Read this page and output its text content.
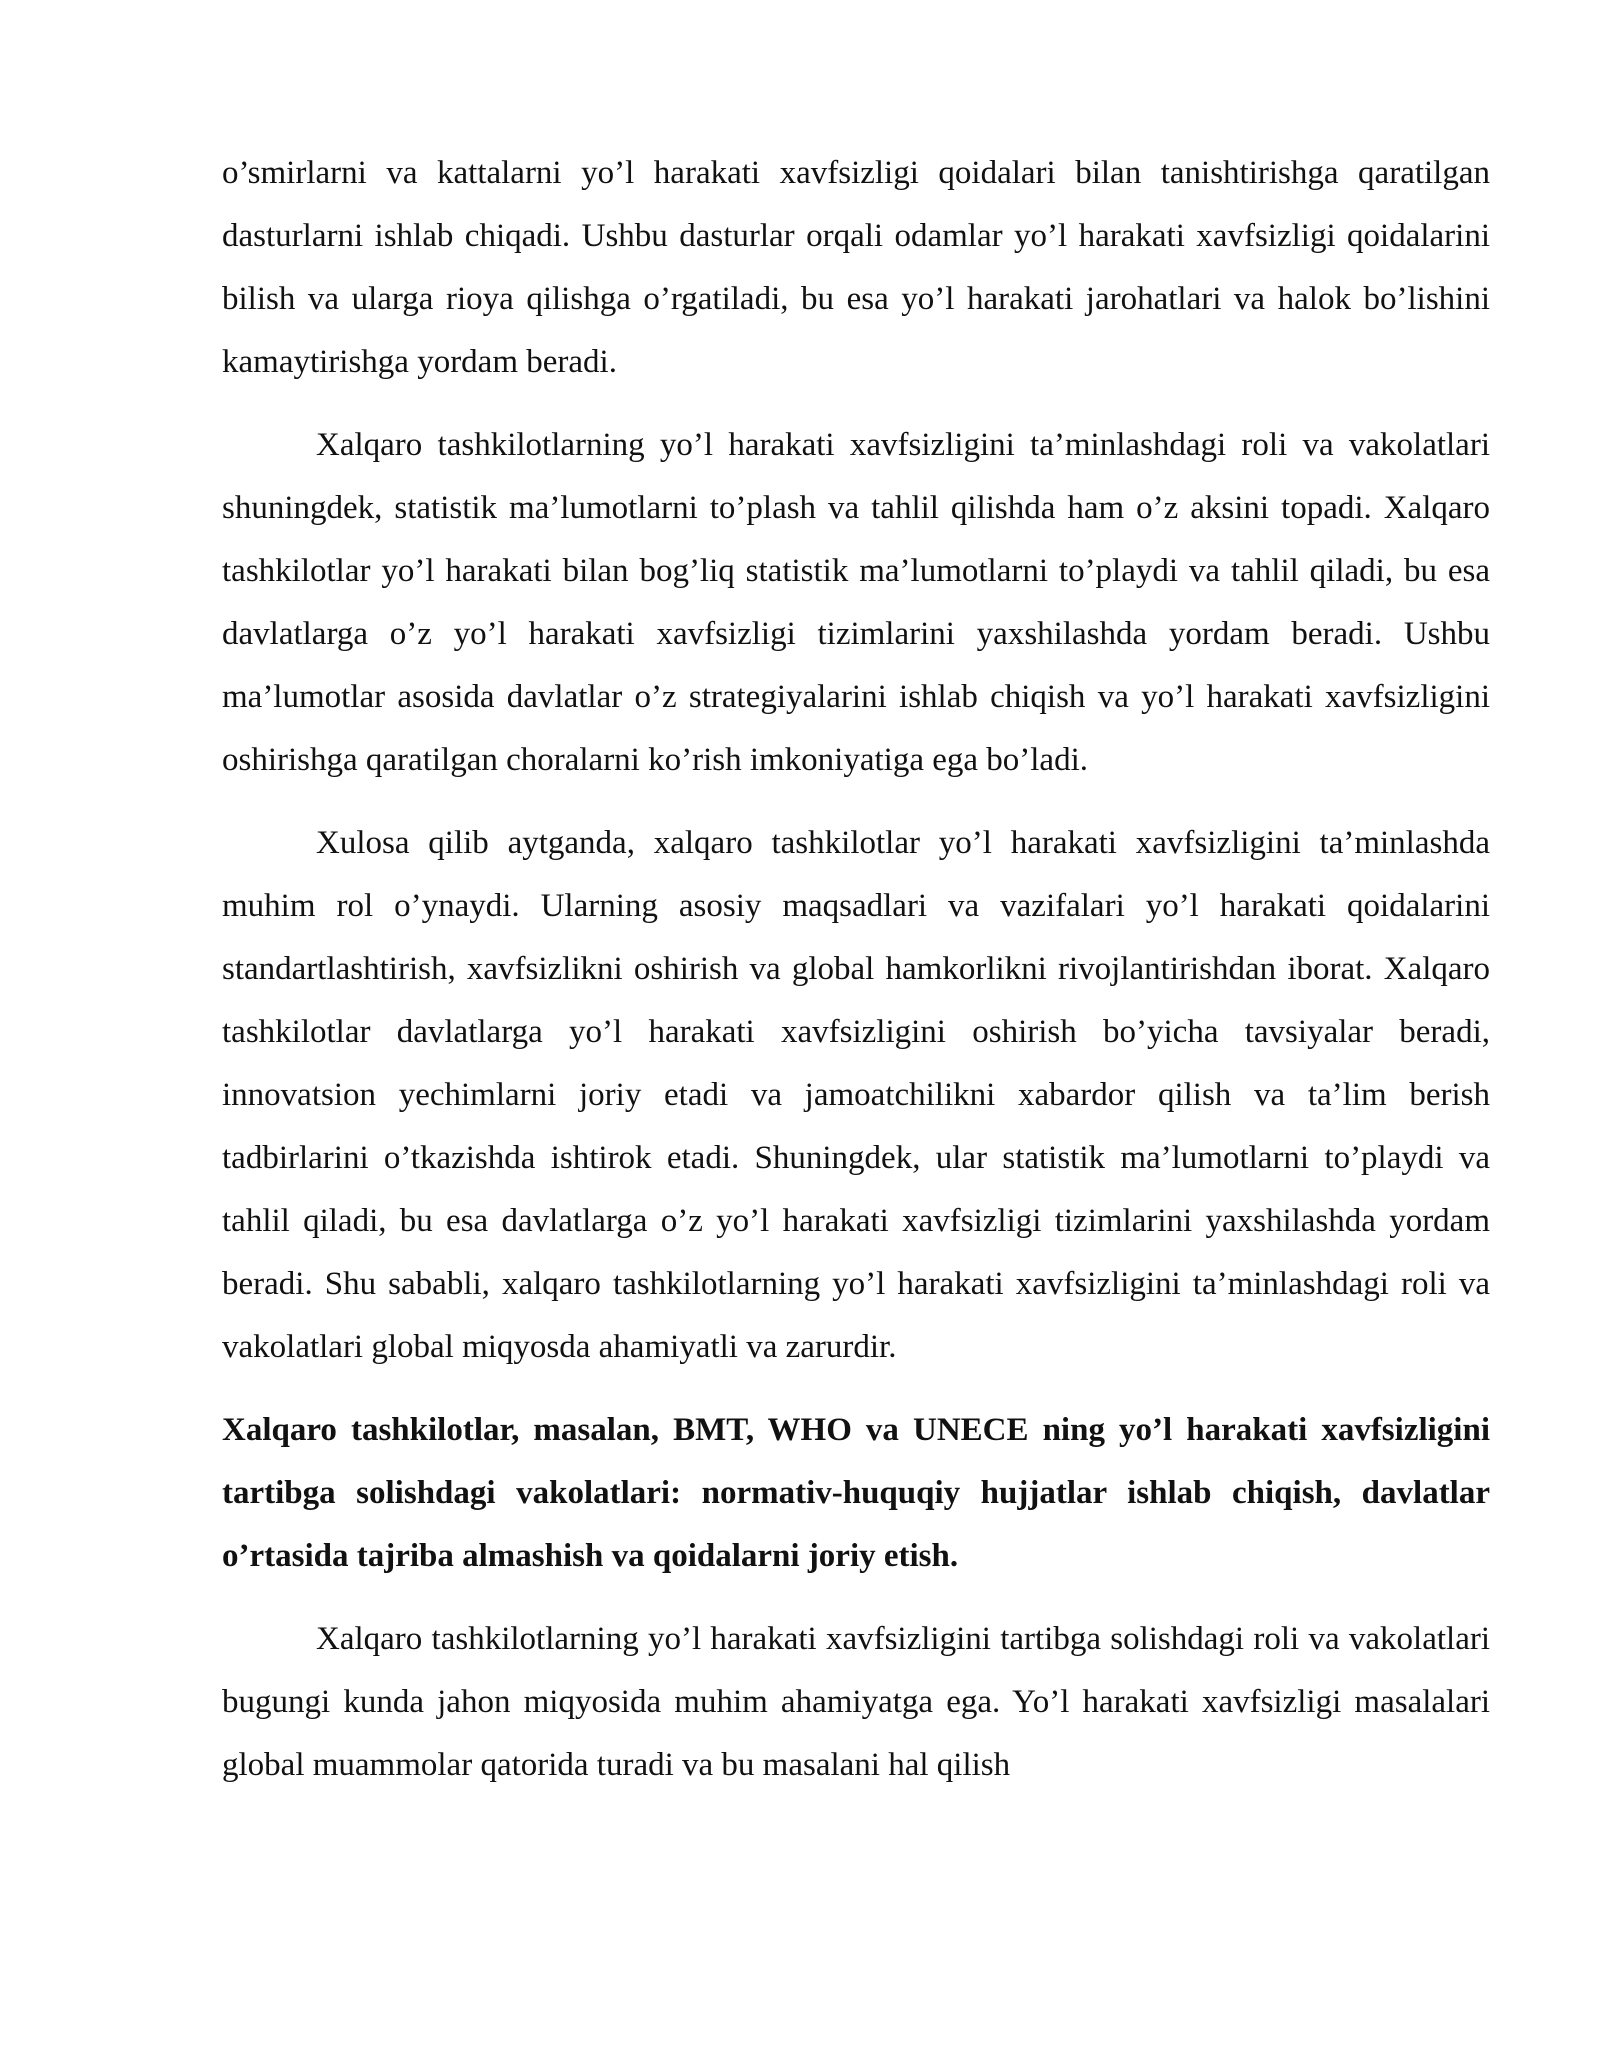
o’smirlarni va kattalarni yo’l harakati xavfsizligi qoidalari bilan tanishtirishga qaratilgan dasturlarni ishlab chiqadi. Ushbu dasturlar orqali odamlar yo’l harakati xavfsizligi qoidalarini bilish va ularga rioya qilishga o’rgatiladi, bu esa yo’l harakati jarohatlari va halok bo’lishini kamaytirishga yordam beradi.

Xalqaro tashkilotlarning yo’l harakati xavfsizligini ta’minlashdagi roli va vakolatlari shuningdek, statistik ma’lumotlarni to’plash va tahlil qilishda ham o’z aksini topadi. Xalqaro tashkilotlar yo’l harakati bilan bog’liq statistik ma’lumotlarni to’playdi va tahlil qiladi, bu esa davlatlarga o’z yo’l harakati xavfsizligi tizimlarini yaxshilashda yordam beradi. Ushbu ma’lumotlar asosida davlatlar o’z strategiyalarini ishlab chiqish va yo’l harakati xavfsizligini oshirishga qaratilgan choralarni ko’rish imkoniyatiga ega bo’ladi.

Xulosa qilib aytganda, xalqaro tashkilotlar yo’l harakati xavfsizligini ta’minlashda muhim rol o’ynaydi. Ularning asosiy maqsadlari va vazifalari yo’l harakati qoidalarini standartlashtirish, xavfsizlikni oshirish va global hamkorlikni rivojlantirishdan iborat. Xalqaro tashkilotlar davlatlarga yo’l harakati xavfsizligini oshirish bo’yicha tavsiyalar beradi, innovatsion yechimlarni joriy etadi va jamoatchilikni xabardor qilish va ta’lim berish tadbirlarini o’tkazishda ishtirok etadi. Shuningdek, ular statistik ma’lumotlarni to’playdi va tahlil qiladi, bu esa davlatlarga o’z yo’l harakati xavfsizligi tizimlarini yaxshilashda yordam beradi. Shu sababli, xalqaro tashkilotlarning yo’l harakati xavfsizligini ta’minlashdagi roli va vakolatlari global miqyosda ahamiyatli va zarurdir.

Xalqaro tashkilotlar, masalan, BMT, WHO va UNECE ning yo’l harakati xavfsizligini tartibga solishdagi vakolatlari: normativ-huquqiy hujjatlar ishlab chiqish, davlatlar o’rtasida tajriba almashish va qoidalarni joriy etish.

Xalqaro tashkilotlarning yo’l harakati xavfsizligini tartibga solishdagi roli va vakolatlari bugungi kunda jahon miqyosida muhim ahamiyatga ega. Yo’l harakati xavfsizligi masalalari global muammolar qatorida turadi va bu masalani hal qilish
